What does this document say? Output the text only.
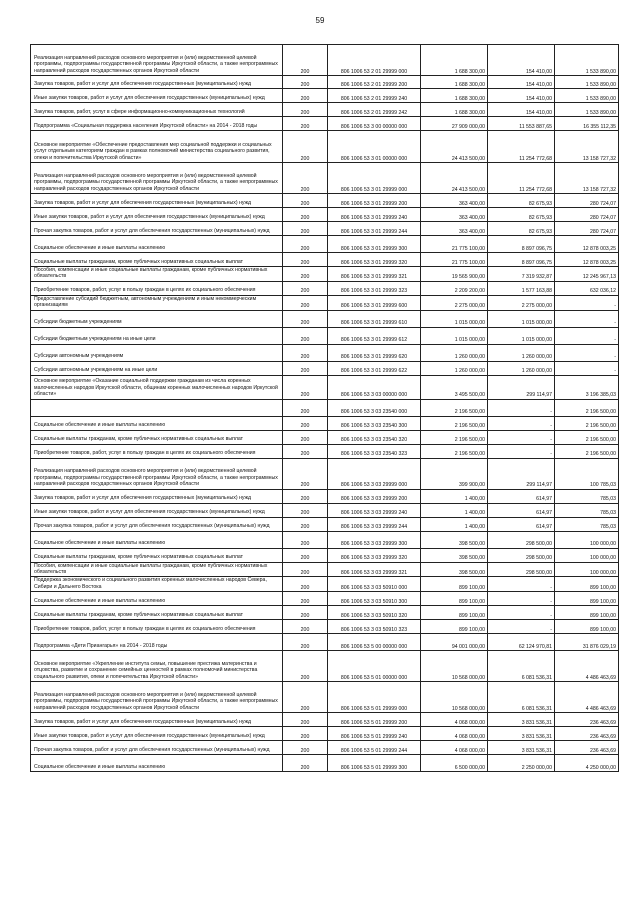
59
Реализация направлений расходов основного мероприятия и (или) ведомственной целевой программы, подпрограммы государственной программы Иркутской области, а также непрограммных направлений расходов государственных органов Иркутской области	200	806 1006 53 2 01 29999 000	1 688 300,00	154 410,00	1 533 890,00
Закупка товаров, работ и услуг для обеспечения государственных (муниципальных) нужд	200	806 1006 53 2 01 29999 200	1 688 300,00	154 410,00	1 533 890,00
Иные закупки товаров, работ и услуг для обеспечения государственных (муниципальных) нужд	200	806 1006 53 2 01 29999 240	1 688 300,00	154 410,00	1 533 890,00
Закупка товаров, работ, услуг в сфере информационно-коммуникационных технологий	200	806 1006 53 2 01 29999 242	1 688 300,00	154 410,00	1 533 890,00
Подпрограмма «Социальная поддержка населения Иркутской области» на 2014 - 2018 годы	200	806 1006 53 3 00 00000 000	27 909 000,00	11 553 887,65	16 355 112,35
Основное мероприятие «Обеспечение предоставления мер социальной поддержки и социальных услуг отдельным категориям граждан в рамках полномочий министерства социального развития, опеки и попечительства Иркутской области»	200	806 1006 53 3 01 00000 000	24 413 500,00	11 254 772,68	13 158 727,32
Реализация направлений расходов основного мероприятия и (или) ведомственной целевой программы, подпрограммы государственной программы Иркутской области, а также непрограммных направлений расходов государственных органов Иркутской области	200	806 1006 53 3 01 29999 000	24 413 500,00	11 254 772,68	13 158 727,32
Закупка товаров, работ и услуг для обеспечения государственных (муниципальных) нужд	200	806 1006 53 3 01 29999 200	363 400,00	82 675,93	280 724,07
Иные закупки товаров, работ и услуг для обеспечения государственных (муниципальных) нужд	200	806 1006 53 3 01 29999 240	363 400,00	82 675,93	280 724,07
Прочая закупка товаров, работ и услуг для обеспечения государственных (муниципальных) нужд	200	806 1006 53 3 01 29999 244	363 400,00	82 675,93	280 724,07
Социальное обеспечение и иные выплаты населению	200	806 1006 53 3 01 29999 300	21 775 100,00	8 897 096,75	12 878 003,25
Социальные выплаты гражданам, кроме публичных нормативных социальных выплат	200	806 1006 53 3 01 29999 320	21 775 100,00	8 897 096,75	12 878 003,25
Пособия, компенсации и иные социальные выплаты гражданам, кроме публичных нормативных обязательств	200	806 1006 53 3 01 29999 321	19 565 900,00	7 319 932,87	12 245 967,13
Приобретение товаров, работ, услуг в пользу граждан в целях их социального обеспечения	200	806 1006 53 3 01 29999 323	2 209 200,00	1 577 163,88	632 036,12
Предоставление субсидий бюджетным, автономным учреждениям и иным некоммерческим организациям	200	806 1006 53 3 01 29999 600	2 275 000,00	2 275 000,00	-
Субсидии бюджетным учреждениям	200	806 1006 53 3 01 29999 610	1 015 000,00	1 015 000,00	-
Субсидии бюджетным учреждениям на иные цели	200	806 1006 53 3 01 29999 612	1 015 000,00	1 015 000,00	-
Субсидии автономным учреждениям	200	806 1006 53 3 01 29999 620	1 260 000,00	1 260 000,00	-
Субсидии автономным учреждениям на иные цели	200	806 1006 53 3 01 29999 622	1 260 000,00	1 260 000,00	-
Основное мероприятие «Оказание социальной поддержки гражданам из числа коренных малочисленных народов Иркутской области, общинам коренных малочисленных народов Иркутской области»	200	806 1006 53 3 03 00000 000	3 495 500,00	299 114,97	3 196 385,03
	200	806 1006 53 3 03 23540 000	2 196 500,00	-	2 196 500,00
Социальное обеспечение и иные выплаты населению	200	806 1006 53 3 03 23540 300	2 196 500,00	-	2 196 500,00
Социальные выплаты гражданам, кроме публичных нормативных социальных выплат	200	806 1006 53 3 03 23540 320	2 196 500,00	-	2 196 500,00
Приобретение товаров, работ, услуг в пользу граждан в целях их социального обеспечения	200	806 1006 53 3 03 23540 323	2 196 500,00	-	2 196 500,00
Реализация направлений расходов основного мероприятия и (или) ведомственной целевой программы, подпрограммы государственной программы Иркутской области, а также непрограммных направлений расходов государственных органов Иркутской области	200	806 1006 53 3 03 29999 000	399 900,00	299 114,97	100 785,03
Закупка товаров, работ и услуг для обеспечения государственных (муниципальных) нужд	200	806 1006 53 3 03 29999 200	1 400,00	614,97	785,03
Иные закупки товаров, работ и услуг для обеспечения государственных (муниципальных) нужд	200	806 1006 53 3 03 29999 240	1 400,00	614,97	785,03
Прочая закупка товаров, работ и услуг для обеспечения государственных (муниципальных) нужд	200	806 1006 53 3 03 29999 244	1 400,00	614,97	785,03
Социальное обеспечение и иные выплаты населению	200	806 1006 53 3 03 29999 300	398 500,00	298 500,00	100 000,00
Социальные выплаты гражданам, кроме публичных нормативных социальных выплат	200	806 1006 53 3 03 29999 320	398 500,00	298 500,00	100 000,00
Пособия, компенсации и иные социальные выплаты гражданам, кроме публичных нормативных обязательств	200	806 1006 53 3 03 29999 321	398 500,00	298 500,00	100 000,00
Поддержка экономического и социального развития коренных малочисленных народов Севера, Сибири и Дальнего Востока	200	806 1006 53 3 03 50910 000	899 100,00	-	899 100,00
Социальное обеспечение и иные выплаты населению	200	806 1006 53 3 03 50910 300	899 100,00	-	899 100,00
Социальные выплаты гражданам, кроме публичных нормативных социальных выплат	200	806 1006 53 3 03 50910 320	899 100,00	-	899 100,00
Приобретение товаров, работ, услуг в пользу граждан в целях их социального обеспечения	200	806 1006 53 3 03 50910 323	899 100,00	-	899 100,00
Подпрограмма «Дети Приангарья» на 2014 - 2018 годы	200	806 1006 53 5 00 00000 000	94 001 000,00	62 124 970,81	31 876 029,19
Основное мероприятие «Укрепление института семьи, повышение престижа материнства и отцовства, развитие и сохранение семейных ценностей в рамках полномочий министерства социального развития, опеки и попечительства Иркутской области»	200	806 1006 53 5 01 00000 000	10 568 000,00	6 081 536,31	4 486 463,69
Реализация направлений расходов основного мероприятия и (или) ведомственной целевой программы, подпрограммы государственной программы Иркутской области, а также непрограммных направлений расходов государственных органов Иркутской области	200	806 1006 53 5 01 29999 000	10 568 000,00	6 081 536,31	4 486 463,69
Закупка товаров, работ и услуг для обеспечения государственных (муниципальных) нужд	200	806 1006 53 5 01 29999 200	4 068 000,00	3 831 536,31	236 463,69
Иные закупки товаров, работ и услуг для обеспечения государственных (муниципальных) нужд	200	806 1006 53 5 01 29999 240	4 068 000,00	3 831 536,31	236 463,69
Прочая закупка товаров, работ и услуг для обеспечения государственных (муниципальных) нужд	200	806 1006 53 5 01 29999 244	4 068 000,00	3 831 536,31	236 463,69
Социальное обеспечение и иные выплаты населению	200	806 1006 53 5 01 29999 300	6 500 000,00	2 250 000,00	4 250 000,00
